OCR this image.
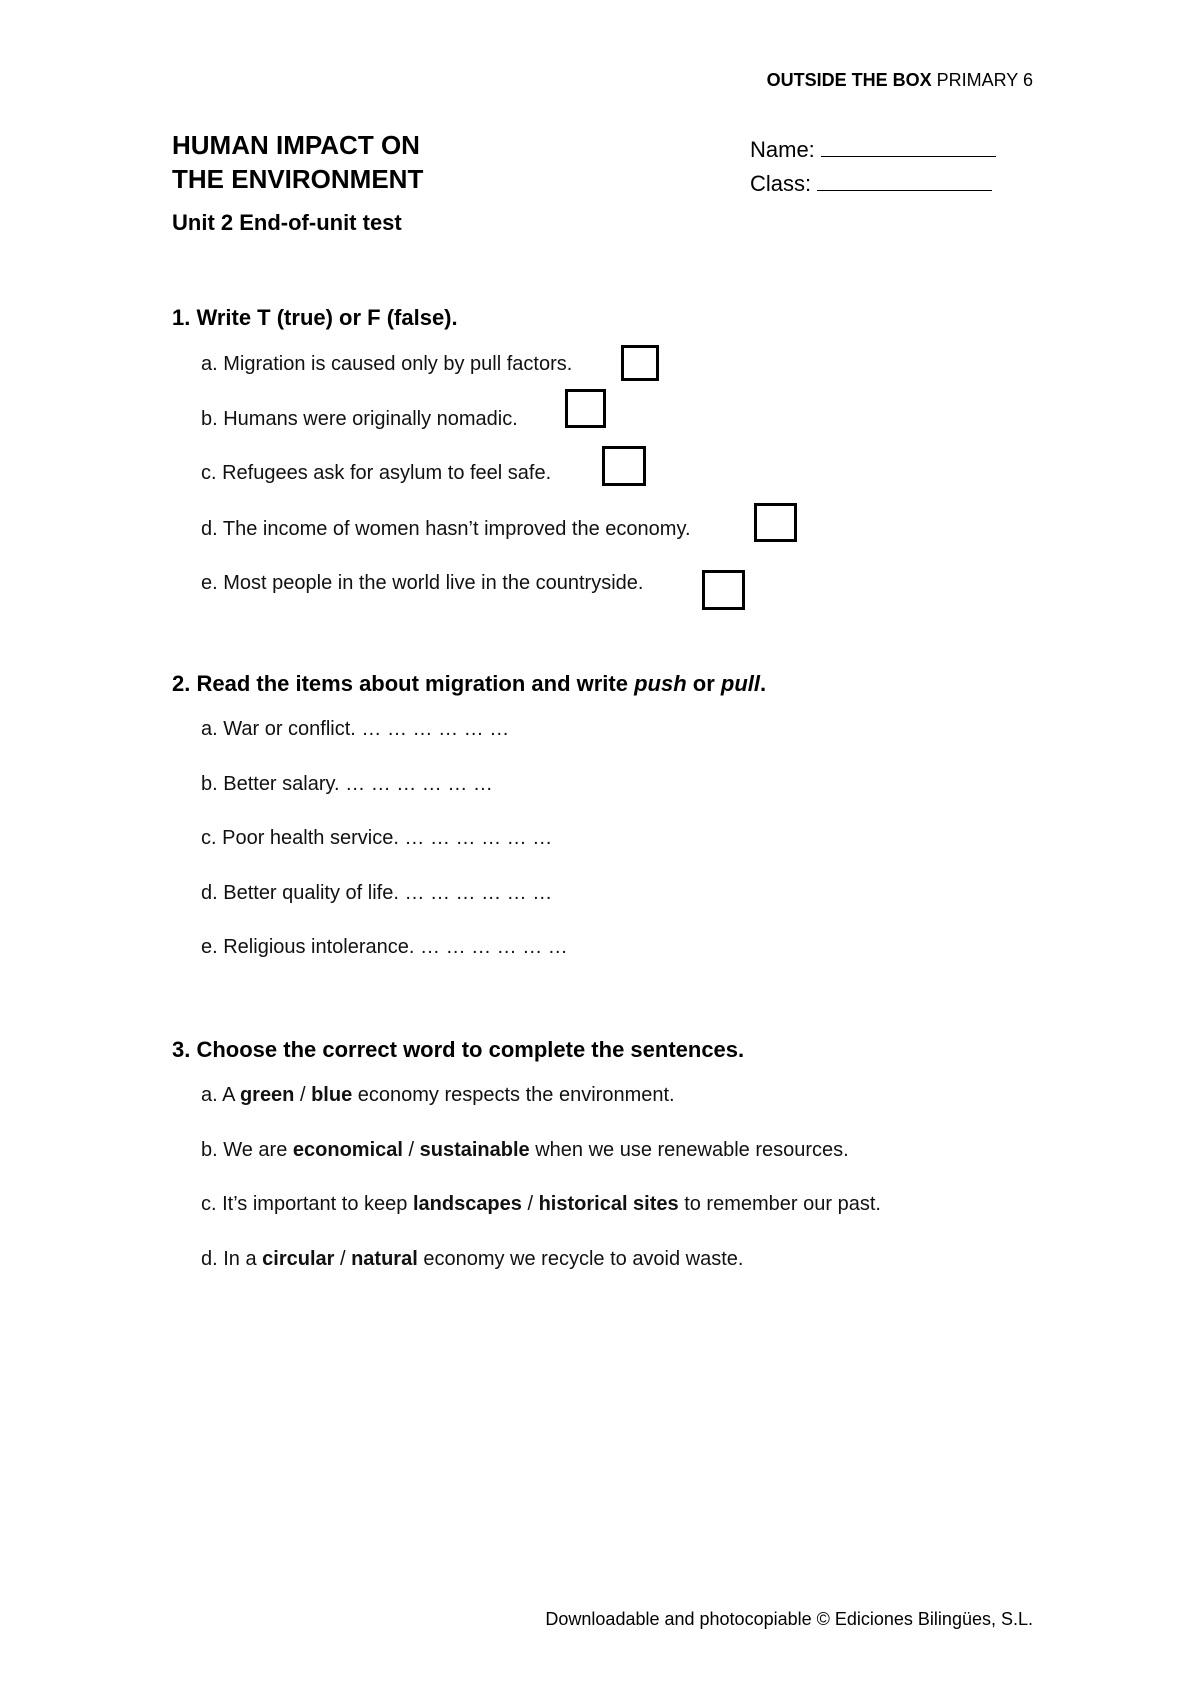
OUTSIDE THE BOX PRIMARY 6
HUMAN IMPACT ON
THE ENVIRONMENT
Unit 2 End-of-unit test
Name:
Class:
1. Write T (true) or F (false).
a. Migration is caused only by pull factors.
b. Humans were originally nomadic.
c. Refugees ask for asylum to feel safe.
d. The income of women hasn’t improved the economy.
e. Most people in the world live in the countryside.
2. Read the items about migration and write push or pull.
a. War or conflict. … … … … … …
b. Better salary. … … … … … …
c. Poor health service. … … … … … …
d. Better quality of life. … … … … … …
e. Religious intolerance. … … … … … …
3. Choose the correct word to complete the sentences.
a. A green / blue economy respects the environment.
b. We are economical / sustainable when we use renewable resources.
c. It’s important to keep landscapes / historical sites to remember our past.
d. In a circular / natural economy we recycle to avoid waste.
Downloadable and photocopiable © Ediciones Bilingües, S.L.
